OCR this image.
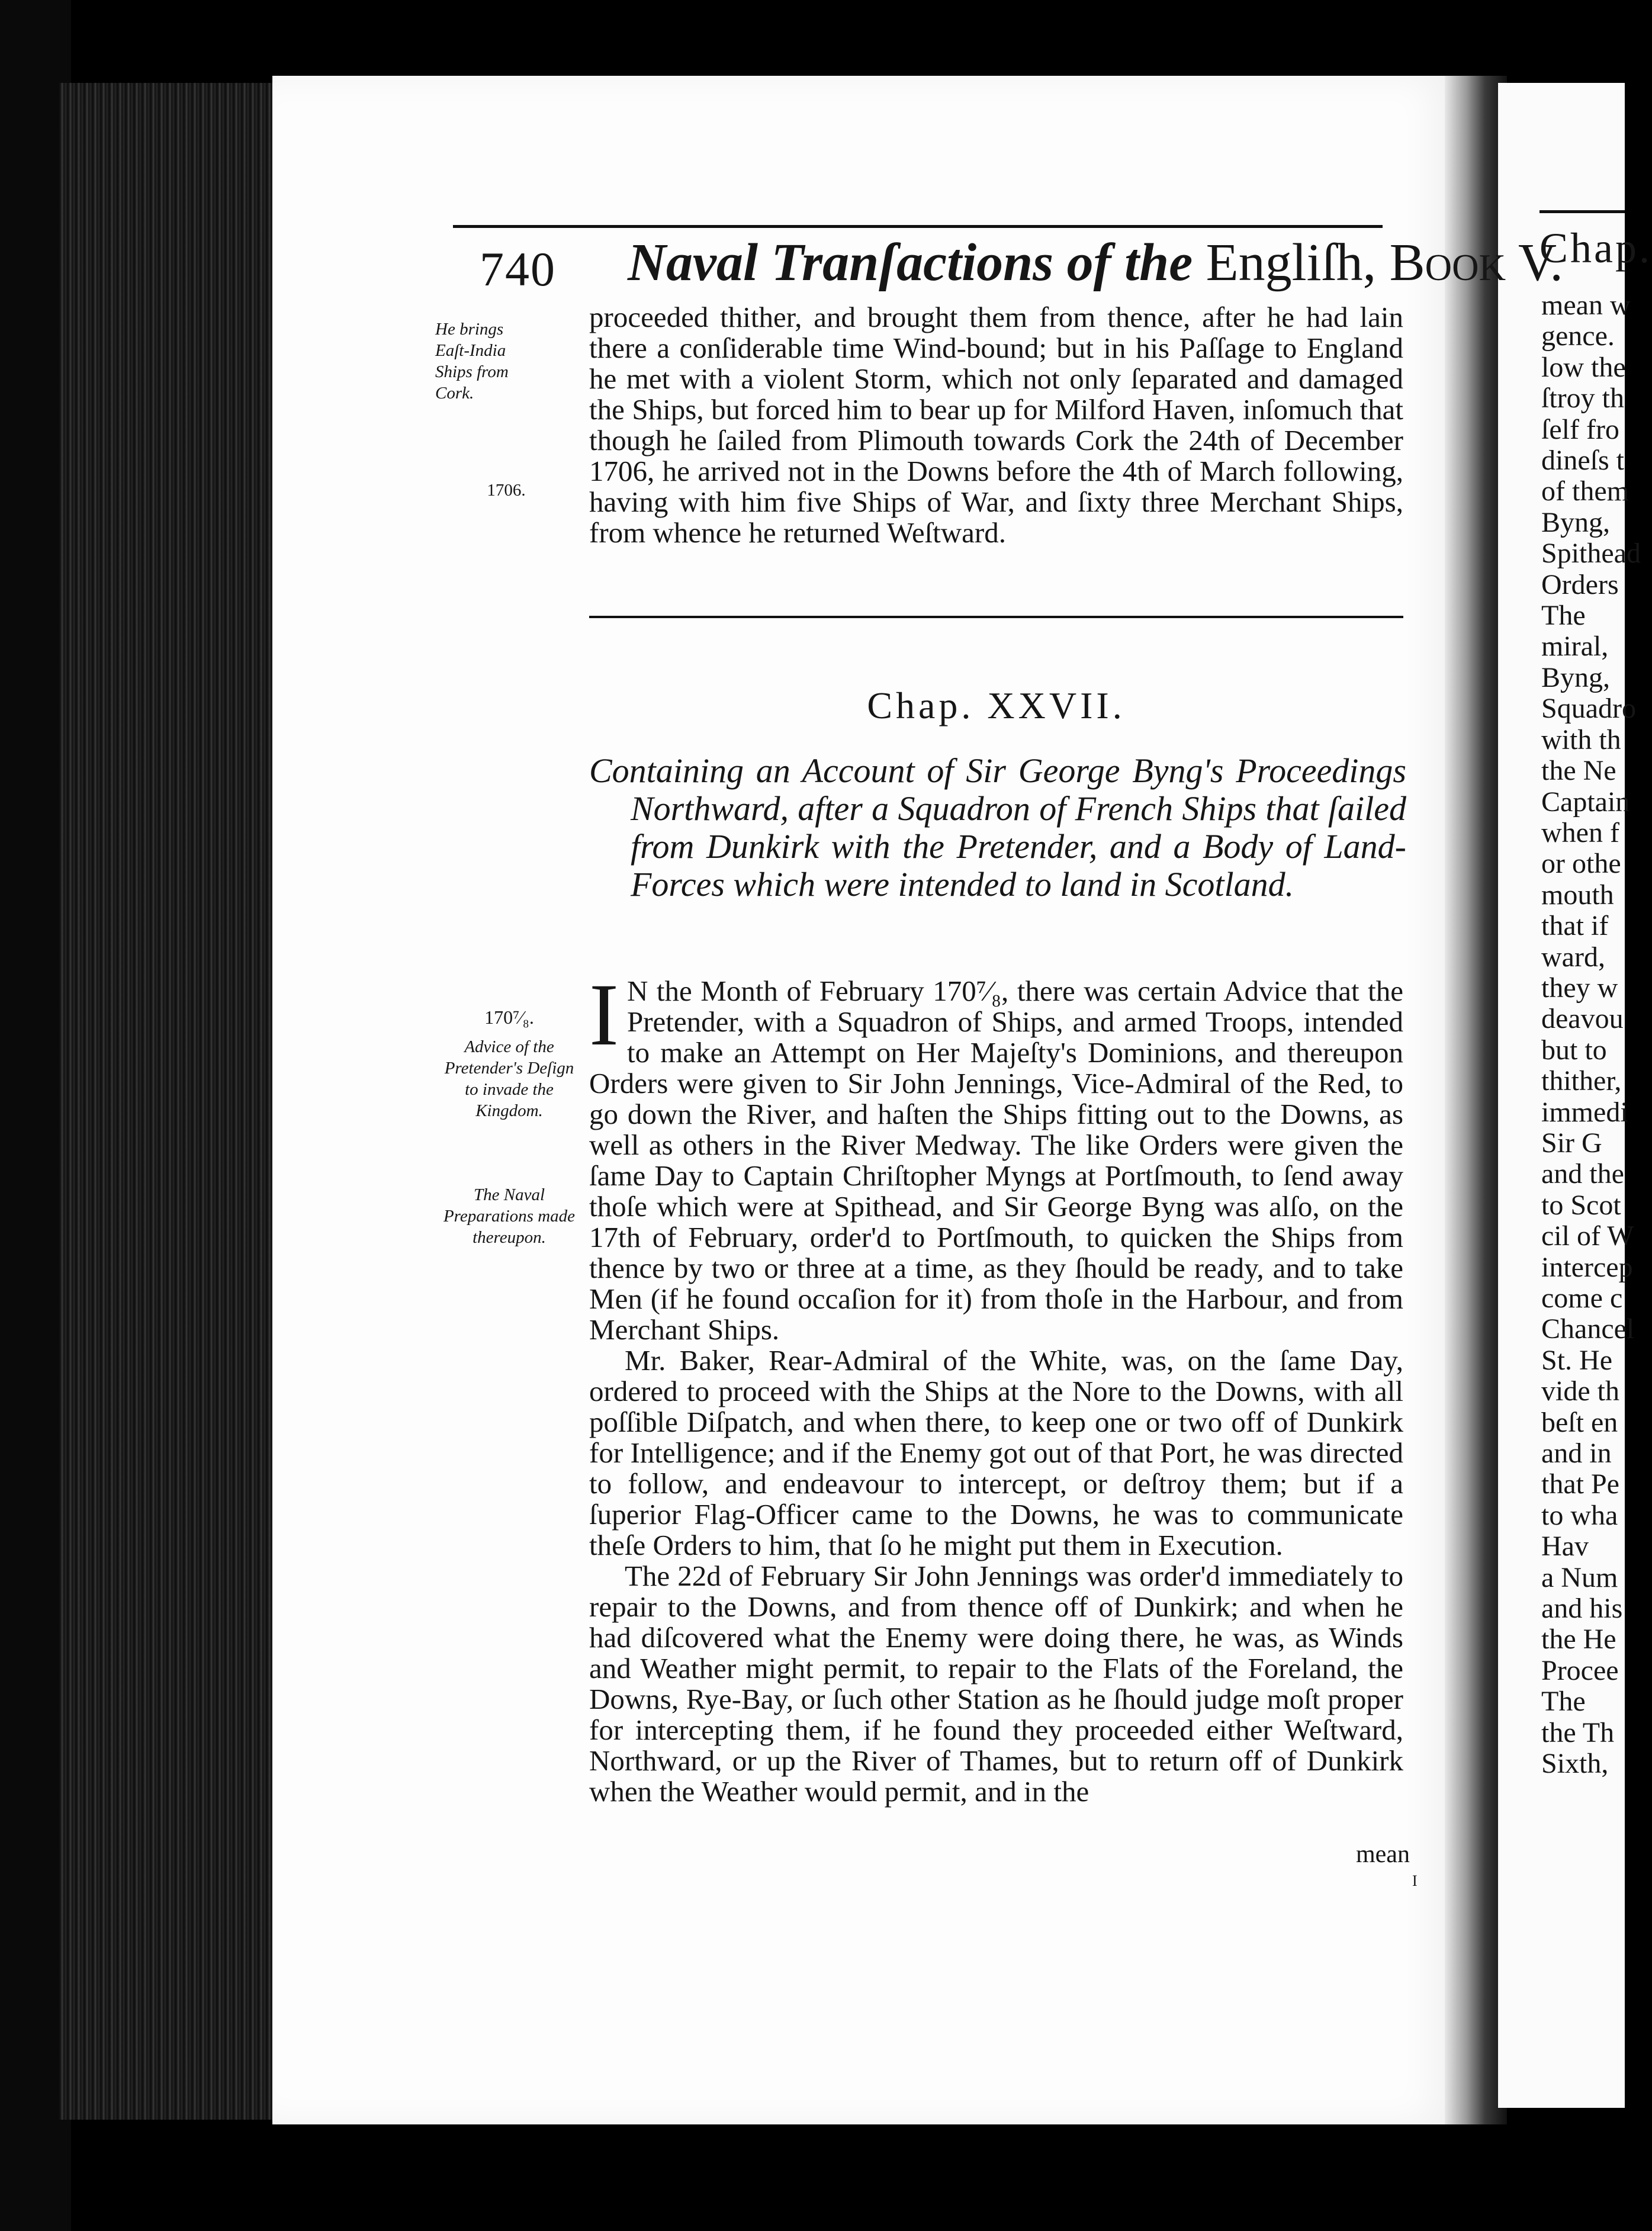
740 Naval Tranſactions of the Engliſh, Book V.
He brings Eaſt-India Ships from Cork.
1706.
170⁷⁄₈.
Advice of the Pretender's Deſign to invade the Kingdom.
The Naval Preparations made thereupon.

proceeded thither, and brought them from thence, after he had lain there a conſiderable time Wind-bound; but in his Paſſage to England he met with a violent Storm, which not only ſeparated and damaged the Ships, but forced him to bear up for Milford Haven, inſomuch that though he ſailed from Plimouth towards Cork the 24th of December 1706, he arrived not in the Downs before the 4th of March following, having with him five Ships of War, and ſixty three Merchant Ships, from whence he returned Weſtward.

Chap. XXVII.
Containing an Account of Sir George Byng's Proceedings Northward, after a Squadron of French Ships that ſailed from Dunkirk with the Pretender, and a Body of Land-Forces which were intended to land in Scotland.
I N the Month of February 170⁷⁄₈, there was certain Advice that the Pretender, with a Squadron of Ships, and armed Troops, intended to make an Attempt on Her Majeſty's Dominions, and thereupon Orders were given to Sir John Jennings, Vice-Admiral of the Red, to go down the River, and haſten the Ships fitting out to the Downs, as well as others in the River Medway. The like Orders were given the ſame Day to Captain Chriſtopher Myngs at Portſmouth, to ſend away thoſe which were at Spithead, and Sir George Byng was alſo, on the 17th of February, order'd to Portſmouth, to quicken the Ships from thence by two or three at a time, as they ſhould be ready, and to take Men (if he found occaſion for it) from thoſe in the Harbour, and from Merchant Ships.

Mr. Baker, Rear-Admiral of the White, was, on the ſame Day, ordered to proceed with the Ships at the Nore to the Downs, with all poſſible Diſpatch, and when there, to keep one or two off of Dunkirk for Intelligence; and if the Enemy got out of that Port, he was directed to follow, and endeavour to intercept, or deſtroy them; but if a ſuperior Flag-Officer came to the Downs, he was to communicate theſe Orders to him, that ſo he might put them in Execution.

The 22d of February Sir John Jennings was order'd immediately to repair to the Downs, and from thence off of Dunkirk; and when he had diſcovered what the Enemy were doing there, he was, as Winds and Weather might permit, to repair to the Flats of the Foreland, the Downs, Rye-Bay, or ſuch other Station as he ſhould judge moſt proper for intercepting them, if he found they proceeded either Weſtward, Northward, or up the River of Thames, but to return off of Dunkirk when the Weather would permit, and in the

mean
I
Chap.
mean w
gence.
low the
ſtroy th
ſelf fro
dineſs t
of them
Byng,
Spithead
Orders
The
miral,
Byng,
Squadro
with th
the Ne
Captain
when f
or othe
mouth
that if
ward,
they w
deavou
but to
thither,
immedi
Sir G
and the
to Scot
cil of W
intercep
come c
Chancel
St. He
vide th
beſt en
and in
that Pe
to wha
Hav
a Num
and his
the He
Procee
The
the Th
Sixth,
